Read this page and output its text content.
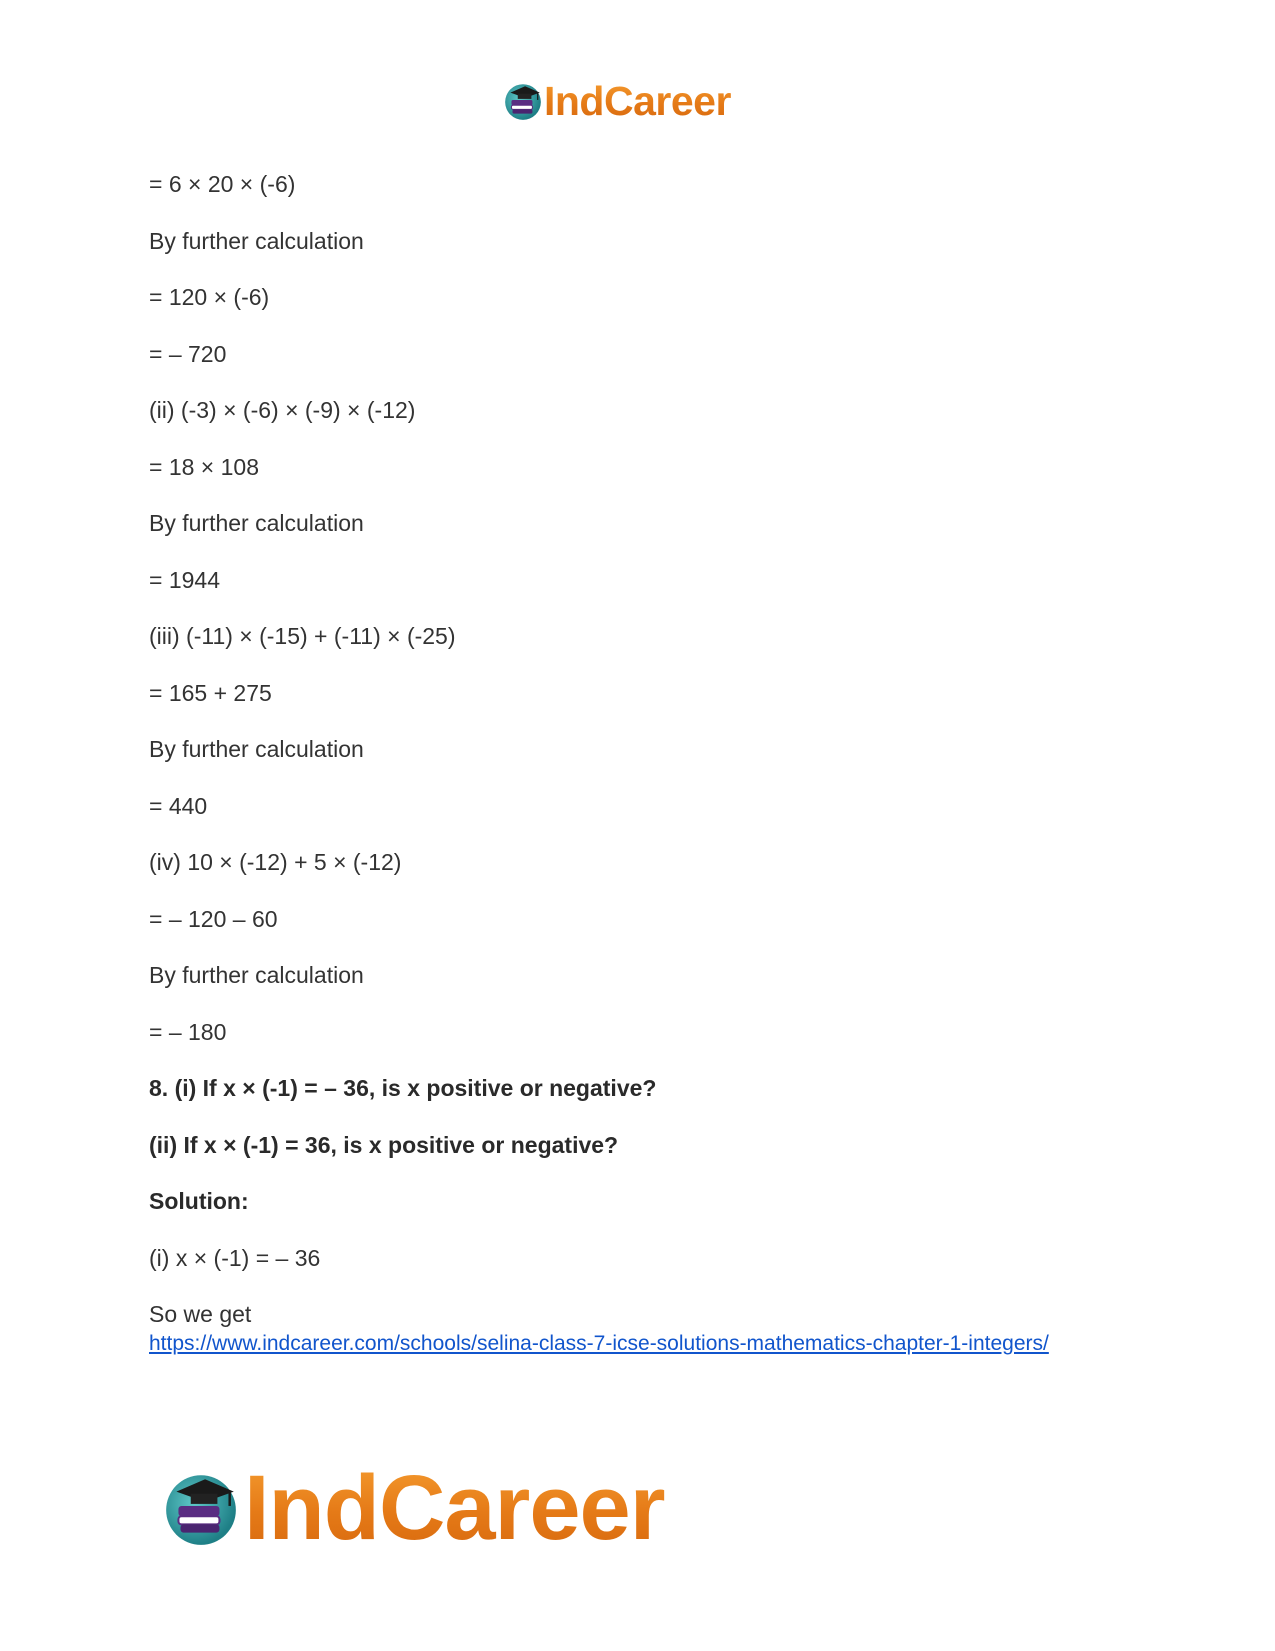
IndCareer
= 6 × 20 × (-6)
By further calculation
= 120 × (-6)
= – 720
(ii) (-3) × (-6) × (-9) × (-12)
= 18 × 108
By further calculation
= 1944
(iii) (-11) × (-15) + (-11) × (-25)
= 165 + 275
By further calculation
= 440
(iv) 10 × (-12) + 5 × (-12)
= – 120 – 60
By further calculation
= – 180
8. (i) If x × (-1) = – 36, is x positive or negative?
(ii) If x × (-1) = 36, is x positive or negative?
Solution:
(i) x × (-1) = – 36
So we get
https://www.indcareer.com/schools/selina-class-7-icse-solutions-mathematics-chapter-1-integers/
IndCareer
